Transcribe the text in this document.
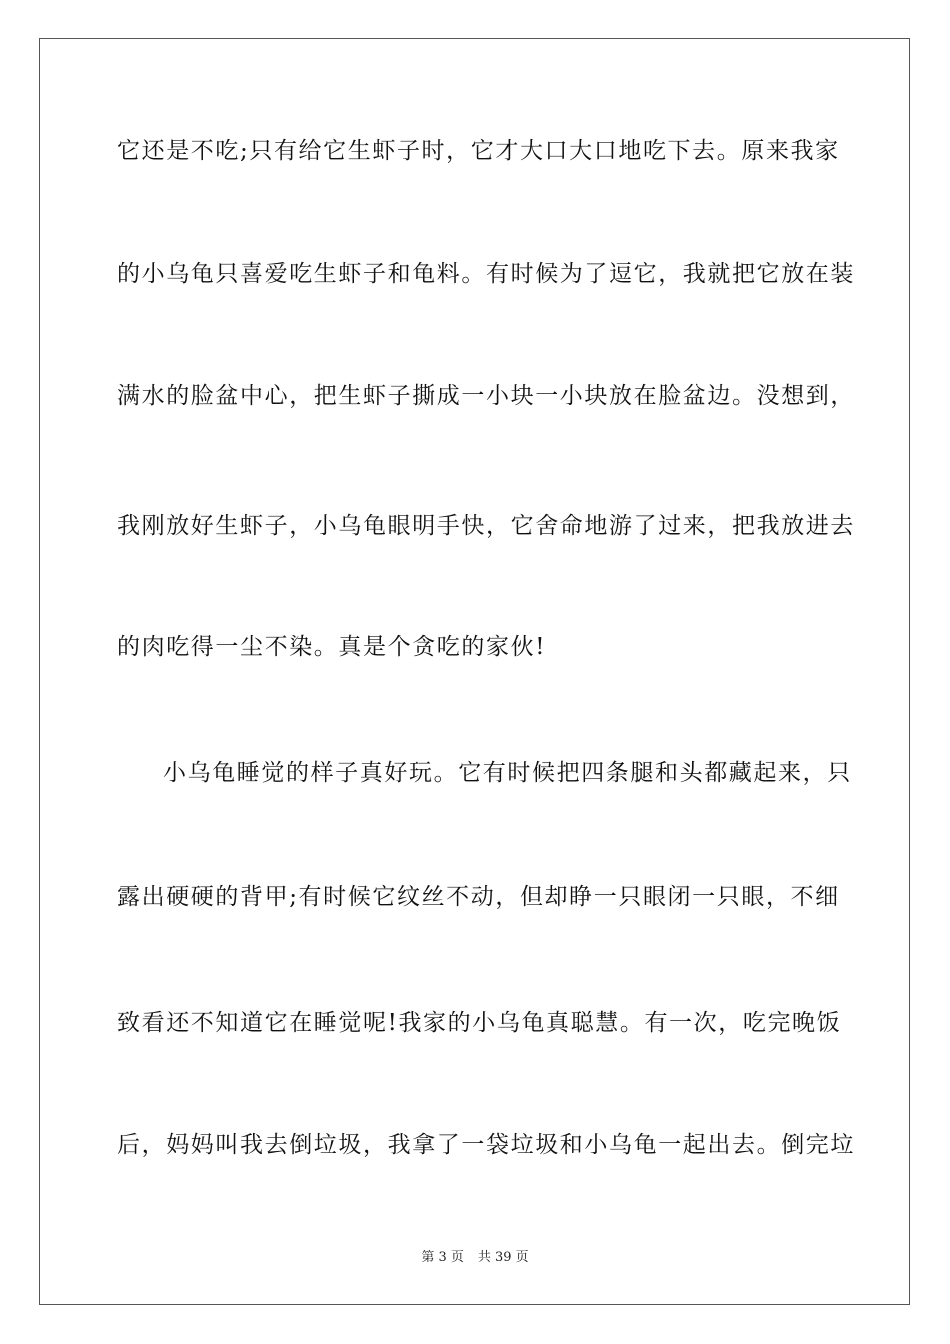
它还是不吃;只有给它生虾子时，它才大口大口地吃下去。原来我家
的小乌龟只喜爱吃生虾子和龟料。有时候为了逗它，我就把它放在装
满水的脸盆中心，把生虾子撕成一小块一小块放在脸盆边。没想到，
我刚放好生虾子，小乌龟眼明手快，它舍命地游了过来，把我放进去
的肉吃得一尘不染。真是个贪吃的家伙!
小乌龟睡觉的样子真好玩。它有时候把四条腿和头都藏起来，只
露出硬硬的背甲;有时候它纹丝不动，但却睁一只眼闭一只眼，不细
致看还不知道它在睡觉呢!我家的小乌龟真聪慧。有一次，吃完晚饭
后，妈妈叫我去倒垃圾，我拿了一袋垃圾和小乌龟一起出去。倒完垃
第 3 页 共 39 页
